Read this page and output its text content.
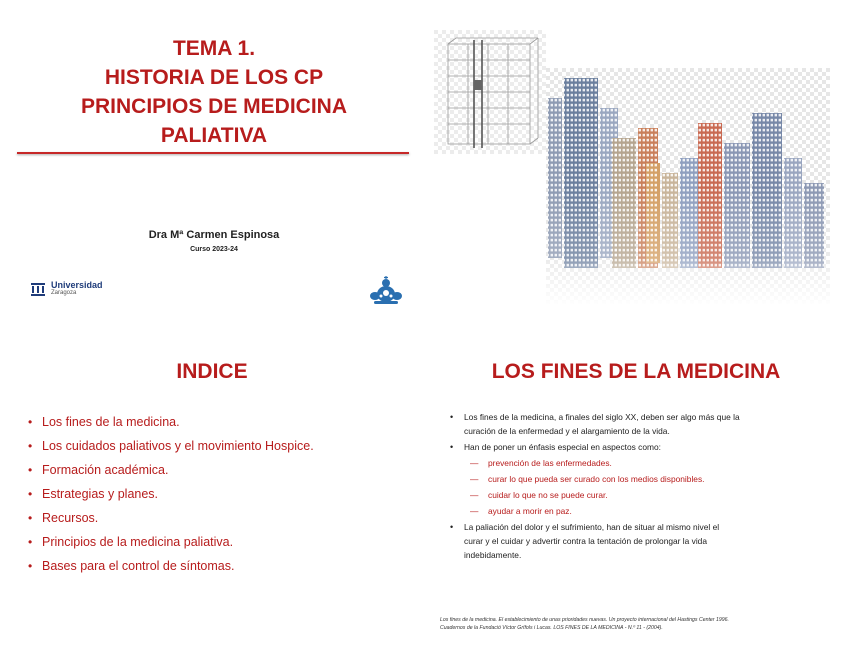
TEMA 1.
HISTORIA DE LOS CP
PRINCIPIOS DE MEDICINA
PALIATIVA
Dra Mª Carmen Espinosa
Curso 2023-24
Universidad
Zaragoza
INDICE
• Los fines de la medicina.
• Los cuidados paliativos y el movimiento Hospice.
• Formación académica.
• Estrategias y planes.
• Recursos.
• Principios de la medicina paliativa.
• Bases para el control de síntomas.
LOS FINES DE LA MEDICINA
• Los fines de la medicina, a finales del siglo XX, deben ser algo más que la
curación de la enfermedad y el alargamiento de la vida.
• Han de poner un énfasis especial en aspectos como:
— prevención de las enfermedades.
— curar lo que pueda ser curado con los medios disponibles.
— cuidar lo que no se puede curar.
— ayudar a morir en paz.
• La paliación del dolor y el sufrimiento, han de situar al mismo nivel el
curar y el cuidar y advertir contra la tentación de prolongar la vida
indebidamente.
Los fines de la medicina. El establecimiento de unas prioridades nuevas. Un proyecto internacional del Hastings Center 1996.
Cuadernos de la Fundació Víctor Grífols i Lucas. LOS FINES DE LA MEDICINA - N.º 11 - (2004).
